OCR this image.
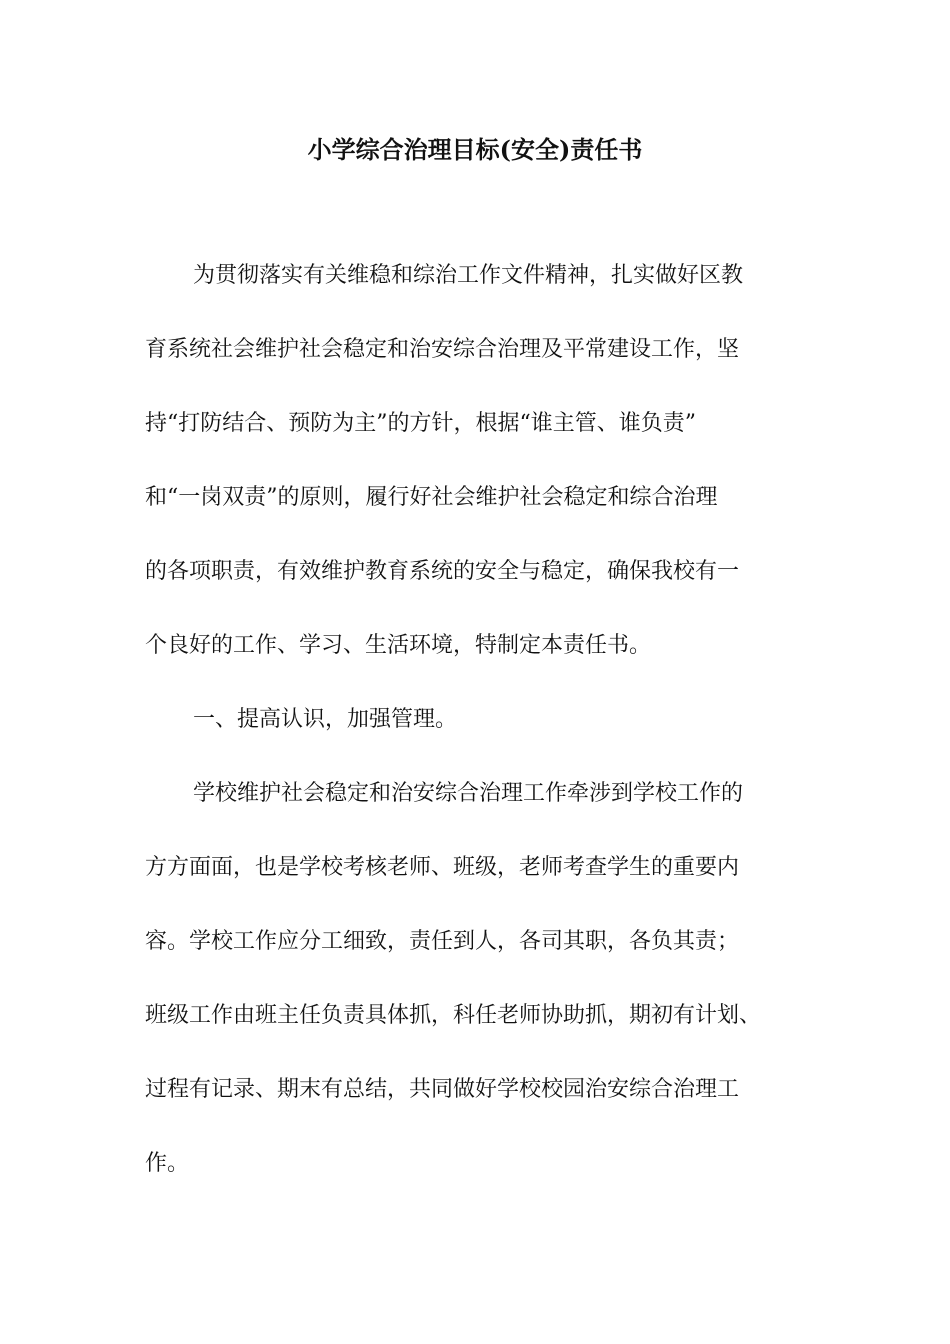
小学综合治理目标(安全)责任书

为贯彻落实有关维稳和综治工作文件精神，扎实做好区教

育系统社会维护社会稳定和治安综合治理及平常建设工作，坚

持“打防结合、预防为主”的方针，根据“谁主管、谁负责”

和“一岗双责”的原则，履行好社会维护社会稳定和综合治理

的各项职责，有效维护教育系统的安全与稳定，确保我校有一

个良好的工作、学习、生活环境，特制定本责任书。

一、提高认识，加强管理。

学校维护社会稳定和治安综合治理工作牵涉到学校工作的

方方面面，也是学校考核老师、班级，老师考查学生的重要内

容。学校工作应分工细致，责任到人，各司其职，各负其责；

班级工作由班主任负责具体抓，科任老师协助抓，期初有计划、

过程有记录、期末有总结，共同做好学校校园治安综合治理工

作。
